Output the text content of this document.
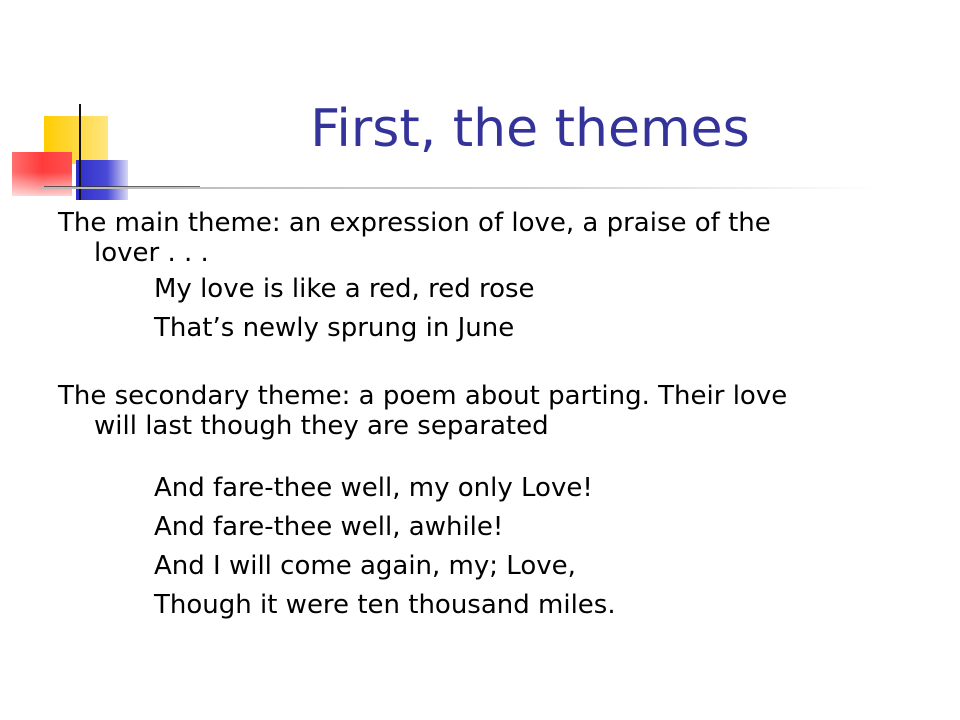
First, the themes

The main theme: an expression of love, a praise of the
lover . . .

My love is like a red, red rose

That’s newly sprung in June

The secondary theme: a poem about parting. Their love
will last though they are separated

And fare-thee well, my only Love!

And fare-thee well, awhile!

And I will come again, my; Love,

Though it were ten thousand miles.
